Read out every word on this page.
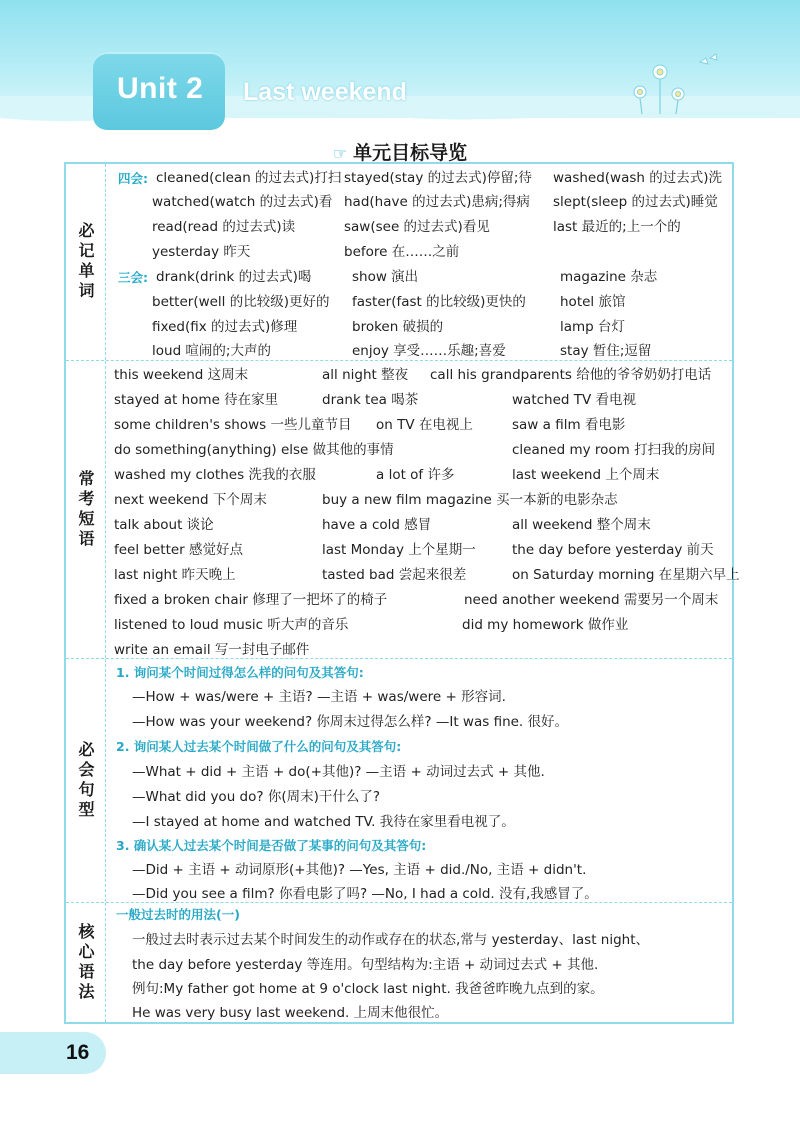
Unit 2 Last weekend
☞ 单元目标导览
必记单词
四会: cleaned(clean 的过去式)打扫 stayed(stay 的过去式)停留;待 washed(wash 的过去式)洗
watched(watch 的过去式)看 had(have 的过去式)患病;得病 slept(sleep 的过去式)睡觉
read(read 的过去式)读	saw(see 的过去式)看见	last 最近的;上一个的
yesterday 昨天	before 在……之前
三会: drank(drink 的过去式)喝	show 演出	magazine 杂志
better(well 的比较级)更好的 faster(fast 的比较级)更快的	hotel 旅馆
fixed(fix 的过去式)修理	broken 破损的	lamp 台灯
loud 喧闹的;大声的	enjoy 享受……乐趣;喜爱	stay 暂住;逗留
常考短语
this weekend 这周末	all night 整夜 call his grandparents 给他的爷爷奶奶打电话
stayed at home 待在家里	drank tea 喝茶	watched TV 看电视
some children's shows 一些儿童节目 on TV 在电视上	saw a film 看电影
do something(anything) else 做其他的事情	cleaned my room 打扫我的房间
washed my clothes 洗我的衣服	a lot of 许多	last weekend 上个周末
next weekend 下个周末	buy a new film magazine 买一本新的电影杂志
talk about 谈论	have a cold 感冒	all weekend 整个周末
feel better 感觉好点	last Monday 上个星期一	the day before yesterday 前天
last night 昨天晚上	tasted bad 尝起来很差	on Saturday morning 在星期六早上
fixed a broken chair 修理了一把坏了的椅子	need another weekend 需要另一个周末
listened to loud music 听大声的音乐	did my homework 做作业
write an email 写一封电子邮件
必会句型
1. 询问某个时间过得怎么样的问句及其答句:
—How + was/were + 主语? —主语 + was/were + 形容词.
—How was your weekend? 你周末过得怎么样? —It was fine. 很好。
2. 询问某人过去某个时间做了什么的问句及其答句:
—What + did + 主语 + do(+其他)? —主语 + 动词过去式 + 其他.
—What did you do? 你(周末)干什么了?
—I stayed at home and watched TV. 我待在家里看电视了。
3. 确认某人过去某个时间是否做了某事的问句及其答句:
—Did + 主语 + 动词原形(+其他)? —Yes, 主语 + did./No, 主语 + didn't.
—Did you see a film? 你看电影了吗? —No, I had a cold. 没有,我感冒了。
核心语法
一般过去时的用法(一)
一般过去时表示过去某个时间发生的动作或存在的状态,常与 yesterday、last night、
the day before yesterday 等连用。句型结构为:主语 + 动词过去式 + 其他.
例句:My father got home at 9 o'clock last night. 我爸爸昨晚九点到的家。
He was very busy last weekend. 上周末他很忙。
16
